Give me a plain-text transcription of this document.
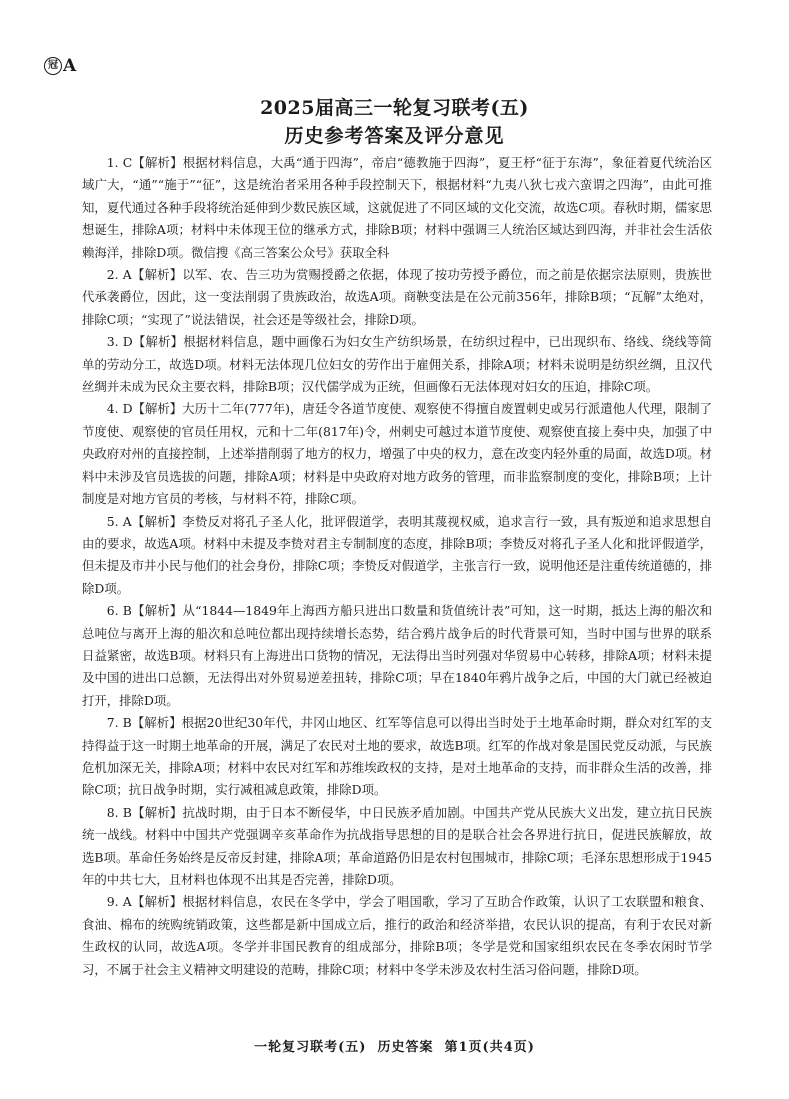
冠 A
2025届高三一轮复习联考(五)
历史参考答案及评分意见

1. C【解析】根据材料信息，大禹“通于四海”，帝启“德教施于四海”，夏王杼“征于东海”，象征着夏代统治区域广大，“通”“施于”“征”，这是统治者采用各种手段控制天下，根据材料“九夷八狄七戎六蛮谓之四海”，由此可推知，夏代通过各种手段将统治延伸到少数民族区域，这就促进了不同区域的文化交流，故选C项。春秋时期，儒家思想诞生，排除A项；材料中未体现王位的继承方式，排除B项；材料中强调三人统治区域达到四海，并非社会生活依赖海洋，排除D项。微信搜《高三答案公众号》获取全科

2. A【解析】以军、农、告三功为赏赐授爵之依据，体现了按功劳授予爵位，而之前是依据宗法原则，贵族世代承袭爵位，因此，这一变法削弱了贵族政治，故选A项。商鞅变法是在公元前356年，排除B项；“瓦解”太绝对，排除C项；“实现了”说法错误，社会还是等级社会，排除D项。

3. D【解析】根据材料信息，题中画像石为妇女生产纺织场景，在纺织过程中，已出现织布、络线、绕线等简单的劳动分工，故选D项。材料无法体现几位妇女的劳作出于雇佣关系，排除A项；材料未说明是纺织丝绸，且汉代丝绸并未成为民众主要衣料，排除B项；汉代儒学成为正统，但画像石无法体现对妇女的压迫，排除C项。

4. D【解析】大历十二年(777年)，唐廷令各道节度使、观察使不得擅自废置刺史或另行派遣他人代理，限制了节度使、观察使的官员任用权，元和十二年(817年)令，州刺史可越过本道节度使、观察使直接上奏中央，加强了中央政府对州的直接控制，上述举措削弱了地方的权力，增强了中央的权力，意在改变内轻外重的局面，故选D项。材料中未涉及官员选拔的问题，排除A项；材料是中央政府对地方政务的管理，而非监察制度的变化，排除B项；上计制度是对地方官员的考核，与材料不符，排除C项。

5. A【解析】李贽反对将孔子圣人化，批评假道学，表明其蔑视权威，追求言行一致，具有叛逆和追求思想自由的要求，故选A项。材料中未提及李贽对君主专制制度的态度，排除B项；李贽反对将孔子圣人化和批评假道学，但未提及市井小民与他们的社会身份，排除C项；李贽反对假道学，主张言行一致，说明他还是注重传统道德的，排除D项。

6. B【解析】从“1844—1849年上海西方船只进出口数量和货值统计表”可知，这一时期，抵达上海的船次和总吨位与离开上海的船次和总吨位都出现持续增长态势，结合鸦片战争后的时代背景可知，当时中国与世界的联系日益紧密，故选B项。材料只有上海进出口货物的情况，无法得出当时列强对华贸易中心转移，排除A项；材料未提及中国的进出口总额，无法得出对外贸易逆差扭转，排除C项；早在1840年鸦片战争之后，中国的大门就已经被迫打开，排除D项。

7. B【解析】根据20世纪30年代，井冈山地区、红军等信息可以得出当时处于土地革命时期，群众对红军的支持得益于这一时期土地革命的开展，满足了农民对土地的要求，故选B项。红军的作战对象是国民党反动派，与民族危机加深无关，排除A项；材料中农民对红军和苏维埃政权的支持，是对土地革命的支持，而非群众生活的改善，排除C项；抗日战争时期，实行减租减息政策，排除D项。

8. B【解析】抗战时期，由于日本不断侵华，中日民族矛盾加剧。中国共产党从民族大义出发，建立抗日民族统一战线。材料中中国共产党强调辛亥革命作为抗战指导思想的目的是联合社会各界进行抗日，促进民族解放，故选B项。革命任务始终是反帝反封建，排除A项；革命道路仍旧是农村包围城市，排除C项；毛泽东思想形成于1945年的中共七大，且材料也体现不出其是否完善，排除D项。

9. A【解析】根据材料信息，农民在冬学中，学会了唱国歌，学习了互助合作政策，认识了工农联盟和粮食、食油、棉布的统购统销政策，这些都是新中国成立后，推行的政治和经济举措，农民认识的提高，有利于农民对新生政权的认同，故选A项。冬学并非国民教育的组成部分，排除B项；冬学是党和国家组织农民在冬季农闲时节学习，不属于社会主义精神文明建设的范畴，排除C项；材料中冬学未涉及农村生活习俗问题，排除D项。

一轮复习联考(五)  历史答案  第1页(共4页)
